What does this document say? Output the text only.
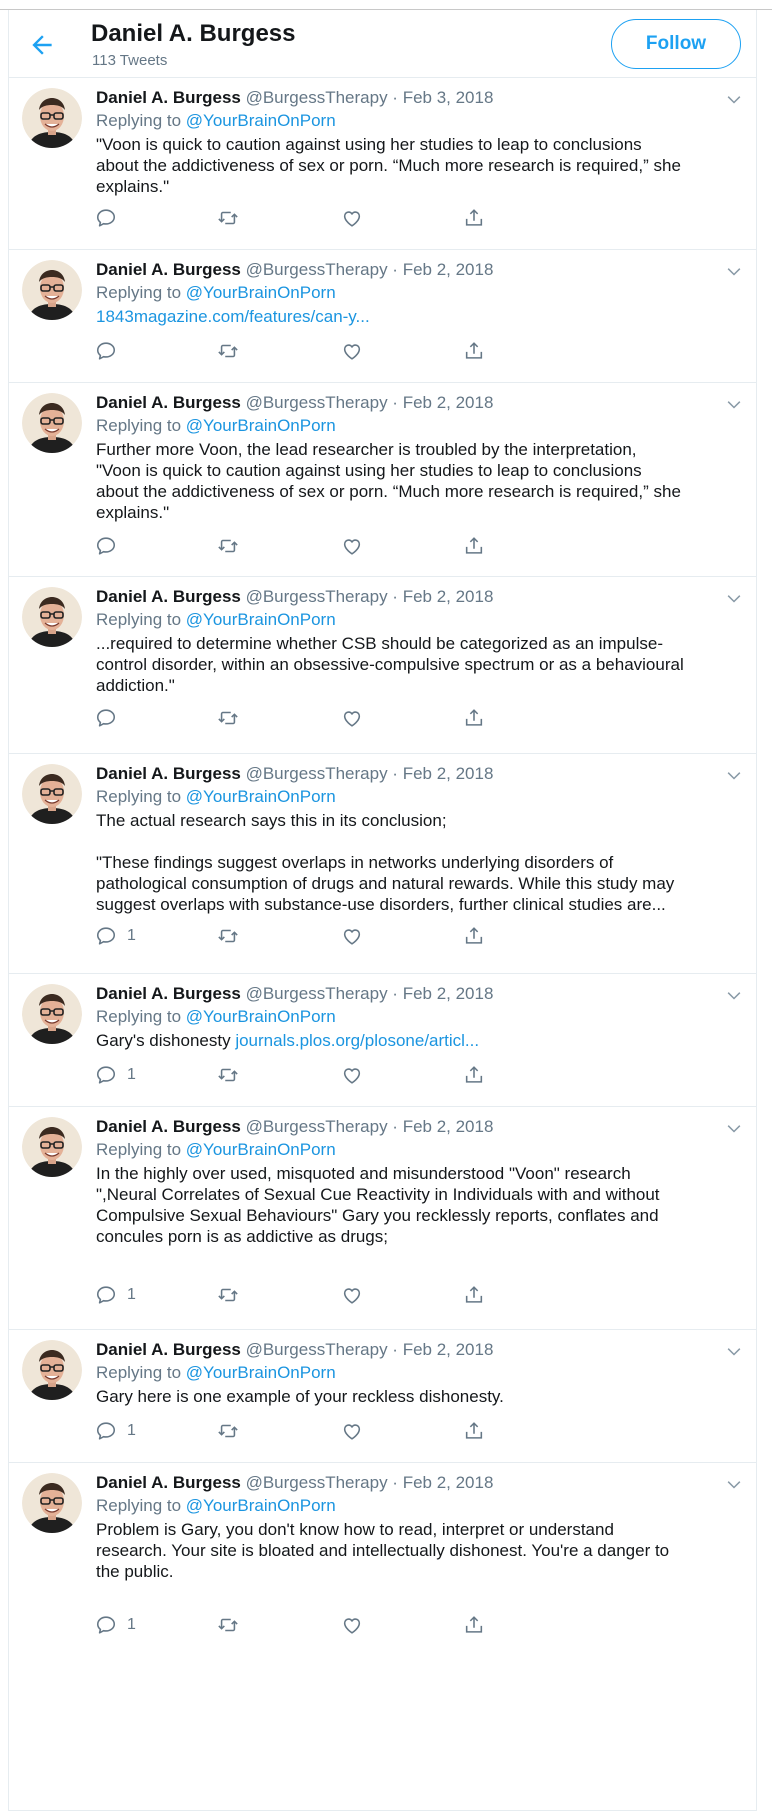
Daniel A. Burgess
113 Tweets
Follow
Daniel A. Burgess @BurgessTherapy · Feb 3, 2018
Replying to @YourBrainOnPorn
"Voon is quick to caution against using her studies to leap to conclusions
about the addictiveness of sex or porn. “Much more research is required,” she
explains."
Daniel A. Burgess @BurgessTherapy · Feb 2, 2018
Replying to @YourBrainOnPorn
1843magazine.com/features/can-y...
Daniel A. Burgess @BurgessTherapy · Feb 2, 2018
Replying to @YourBrainOnPorn
Further more Voon, the lead researcher is troubled by the interpretation,
"Voon is quick to caution against using her studies to leap to conclusions
about the addictiveness of sex or porn. “Much more research is required,” she
explains."
Daniel A. Burgess @BurgessTherapy · Feb 2, 2018
Replying to @YourBrainOnPorn
...required to determine whether CSB should be categorized as an impulse-
control disorder, within an obsessive-compulsive spectrum or as a behavioural
addiction."
Daniel A. Burgess @BurgessTherapy · Feb 2, 2018
Replying to @YourBrainOnPorn
The actual research says this in its conclusion;
"These findings suggest overlaps in networks underlying disorders of
pathological consumption of drugs and natural rewards. While this study may
suggest overlaps with substance-use disorders, further clinical studies are...
1
Daniel A. Burgess @BurgessTherapy · Feb 2, 2018
Replying to @YourBrainOnPorn
Gary's dishonesty journals.plos.org/plosone/articl...
1
Daniel A. Burgess @BurgessTherapy · Feb 2, 2018
Replying to @YourBrainOnPorn
In the highly over used, misquoted and misunderstood "Voon" research
",Neural Correlates of Sexual Cue Reactivity in Individuals with and without
Compulsive Sexual Behaviours" Gary you recklessly reports, conflates and
concules porn is as addictive as drugs;
1
Daniel A. Burgess @BurgessTherapy · Feb 2, 2018
Replying to @YourBrainOnPorn
Gary here is one example of your reckless dishonesty.
1
Daniel A. Burgess @BurgessTherapy · Feb 2, 2018
Replying to @YourBrainOnPorn
Problem is Gary, you don't know how to read, interpret or understand
research. Your site is bloated and intellectually dishonest. You're a danger to
the public.
1
